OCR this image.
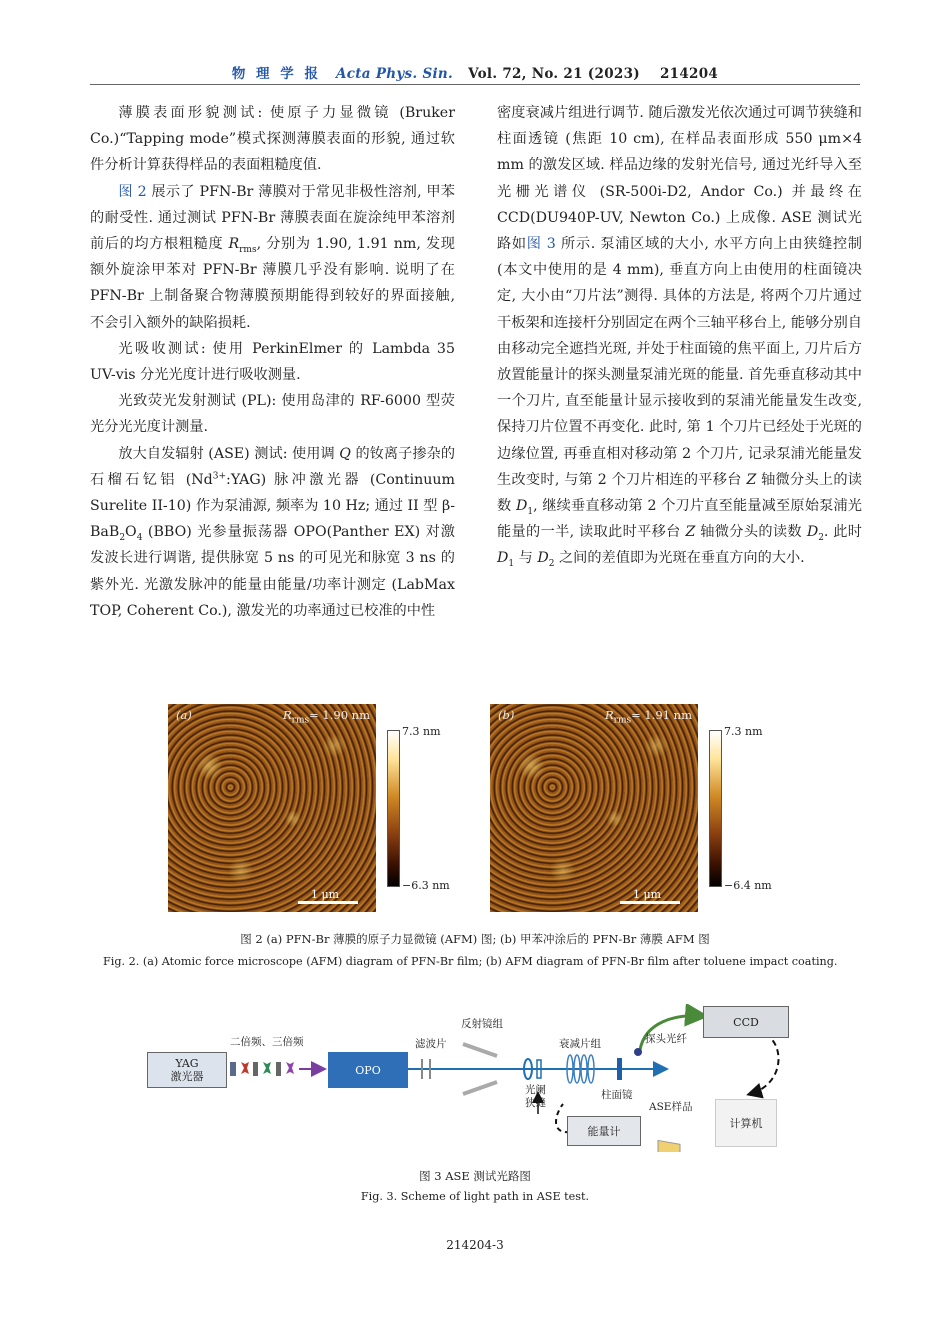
物 理 学 报 Acta Phys. Sin. Vol. 72, No. 21 (2023) 214204

薄膜表面形貌测试: 使原子力显微镜 (Bruker Co.)“Tapping mode”模式探测薄膜表面的形貌, 通过软件分析计算获得样品的表面粗糙度值.

图 2 展示了 PFN-Br 薄膜对于常见非极性溶剂, 甲苯的耐受性. 通过测试 PFN-Br 薄膜表面在旋涂纯甲苯溶剂前后的均方根粗糙度 $R_{rms}$, 分别为 1.90, 1.91 nm, 发现额外旋涂甲苯对 PFN-Br 薄膜几乎没有影响. 说明了在 PFN-Br 上制备聚合物薄膜预期能得到较好的界面接触, 不会引入额外的缺陷损耗.

光吸收测试: 使用 PerkinElmer 的 Lambda 35 UV-vis 分光光度计进行吸收测量.

光致荧光发射测试 (PL): 使用岛津的 RF-6000 型荧光分光光度计测量.

放大自发辐射 (ASE) 测试: 使用调 Q 的钕离子掺杂的石榴石钇铝 $(Nd^{3+}:YAG)$ 脉冲激光器 (Continuum Surelite II-10) 作为泵浦源, 频率为 10 Hz; 通过 II 型 $\beta-BaB_2O_4$ (BBO) 光参量振荡器 OPO(Panther EX) 对激发波长进行调谐, 提供脉宽 5 ns 的可见光和脉宽 3 ns 的紫外光. 光激发脉冲的能量由能量/功率计测定 (LabMax TOP, Coherent Co.), 激发光的功率通过已校准的中性

密度衰减片组进行调节. 随后激发光依次通过可调节狭缝和柱面透镜 (焦距 10 cm), 在样品表面形成 550 μm×4 mm 的激发区域. 样品边缘的发射光信号, 通过光纤导入至光栅光谱仪 (SR-500i-D2, Andor Co.) 并最终在 CCD(DU940P-UV, Newton Co.) 上成像. ASE 测试光路如图 3 所示. 泵浦区域的大小, 水平方向上由狭缝控制 (本文中使用的是 4 mm), 垂直方向上由使用的柱面镜决定, 大小由“刀片法”测得. 具体的方法是, 将两个刀片通过干板架和连接杆分别固定在两个三轴平移台上, 能够分别自由移动完全遮挡光斑, 并处于柱面镜的焦平面上, 刀片后方放置能量计的探头测量泵浦光斑的能量. 首先垂直移动其中一个刀片, 直至能量计显示接收到的泵浦光能量发生改变, 保持刀片位置不再变化. 此时, 第 1 个刀片已经处于光斑的边缘位置, 再垂直相对移动第 2 个刀片, 记录泵浦光能量发生改变时, 与第 2 个刀片相连的平移台 Z 轴微分头上的读数 $D_1$, 继续垂直移动第 2 个刀片直至能量减至原始泵浦光能量的一半, 读取此时平移台 Z 轴微分头的读数 $D_2$. 此时 $D_1$ 与 $D_2$ 之间的差值即为光斑在垂直方向的大小.

(a)	$R_{rms}= 1.90$ nm
1 μm
7.3 nm
−6.3 nm
(b)	$R_{rms}= 1.91$ nm
1 μm
7.3 nm
−6.4 nm
图 2 (a) PFN-Br 薄膜的原子力显微镜 (AFM) 图; (b) 甲苯冲涂后的 PFN-Br 薄膜 AFM 图
Fig. 2. (a) Atomic force microscope (AFM) diagram of PFN-Br film; (b) AFM diagram of PFN-Br film after toluene impact coating.
YAG
激光器	OPO
CCD
计算机
能量计
二倍频、三倍频	滤波片
反射镜组
衰减片组	探头光纤
光阑
狭缝
柱面镜
ASE样品
图 3 ASE 测试光路图
Fig. 3. Scheme of light path in ASE test.
214204-3
